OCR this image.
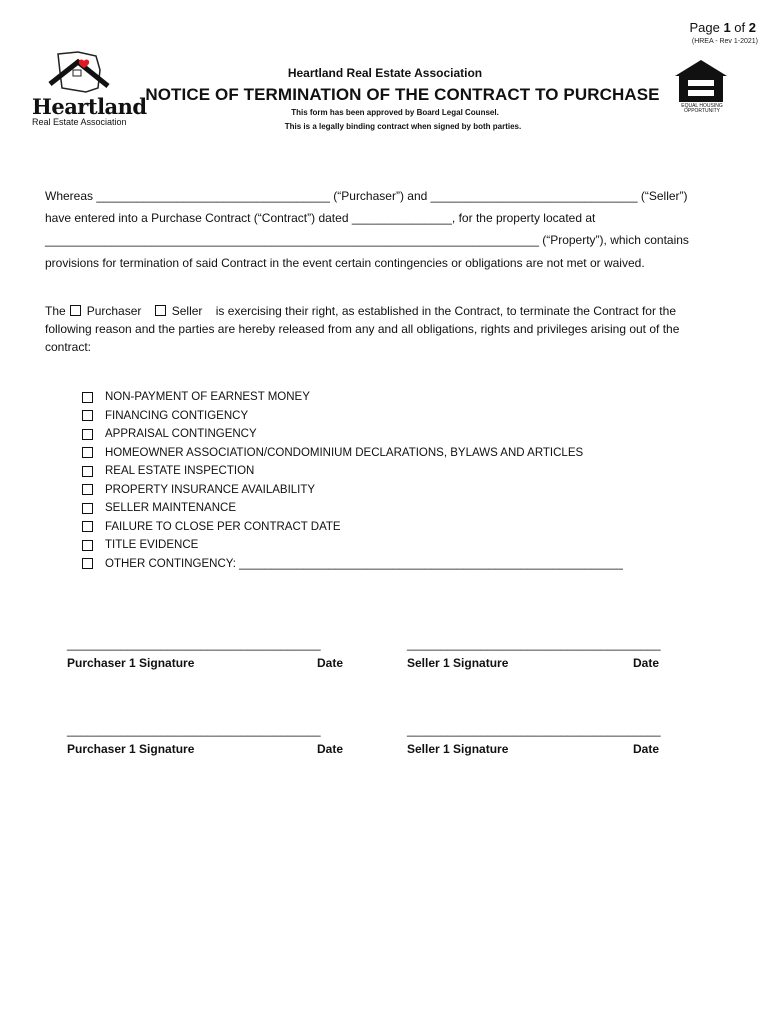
Page 1 of 2
(HREA - Rev 1-2021)
Heartland
Real Estate Association
EQUAL HOUSING OPPORTUNITY
Heartland Real Estate Association
NOTICE OF TERMINATION OF THE CONTRACT TO PURCHASE
This form has been approved by Board Legal Counsel.
This is a legally binding contract when signed by both parties.
Whereas ___________________________________ (“Purchaser”) and _______________________________ (“Seller”)
have entered into a Purchase Contract (“Contract”) dated _______________, for the property located at
__________________________________________________________________________ (“Property”), which contains
provisions for termination of said Contract in the event certain contingencies or obligations are not met or waived.
The Purchaser	Seller is exercising their right, as established in the Contract, to terminate the Contract for the
following reason and the parties are hereby released from any and all obligations, rights and privileges arising out of the
contract:
NON-PAYMENT OF EARNEST MONEY
FINANCING CONTIGENCY
APPRAISAL CONTINGENCY
HOMEOWNER ASSOCIATION/CONDOMINIUM DECLARATIONS, BYLAWS AND ARTICLES
REAL ESTATE INSPECTION
PROPERTY INSURANCE AVAILABILITY
SELLER MAINTENANCE
FAILURE TO CLOSE PER CONTRACT DATE
TITLE EVIDENCE
OTHER CONTINGENCY: ____________________________________________________________
______________________________________	______________________________________
Purchaser 1 Signature	Date	Seller 1 Signature	Date
______________________________________	______________________________________
Purchaser 1 Signature	Date	Seller 1 Signature	Date
